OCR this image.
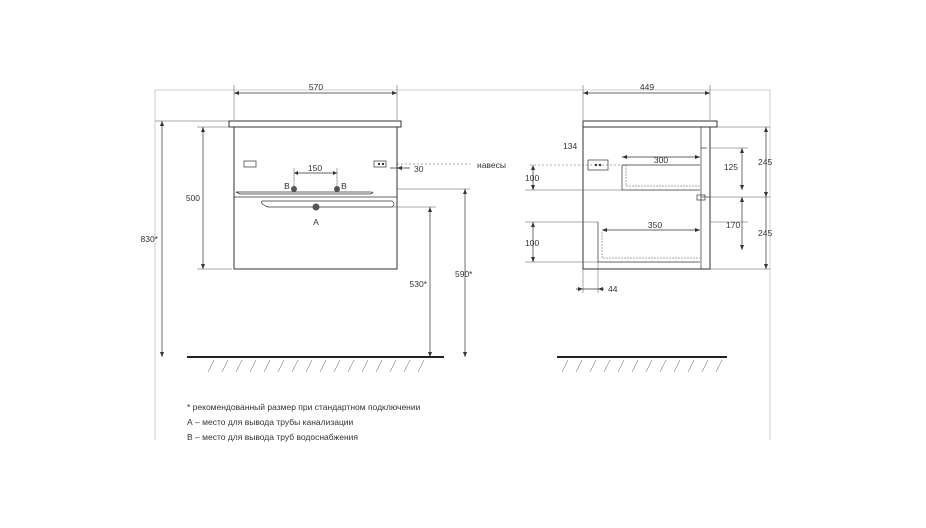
570
30
150
B	B
A
500
830*
530*
590*
навесы
449
134
300
125 245
100
170
350
245
100
44
* рекомендованный размер при стандартном подключении
А – место для вывода трубы канализации
В – место для вывода труб водоснабжения
